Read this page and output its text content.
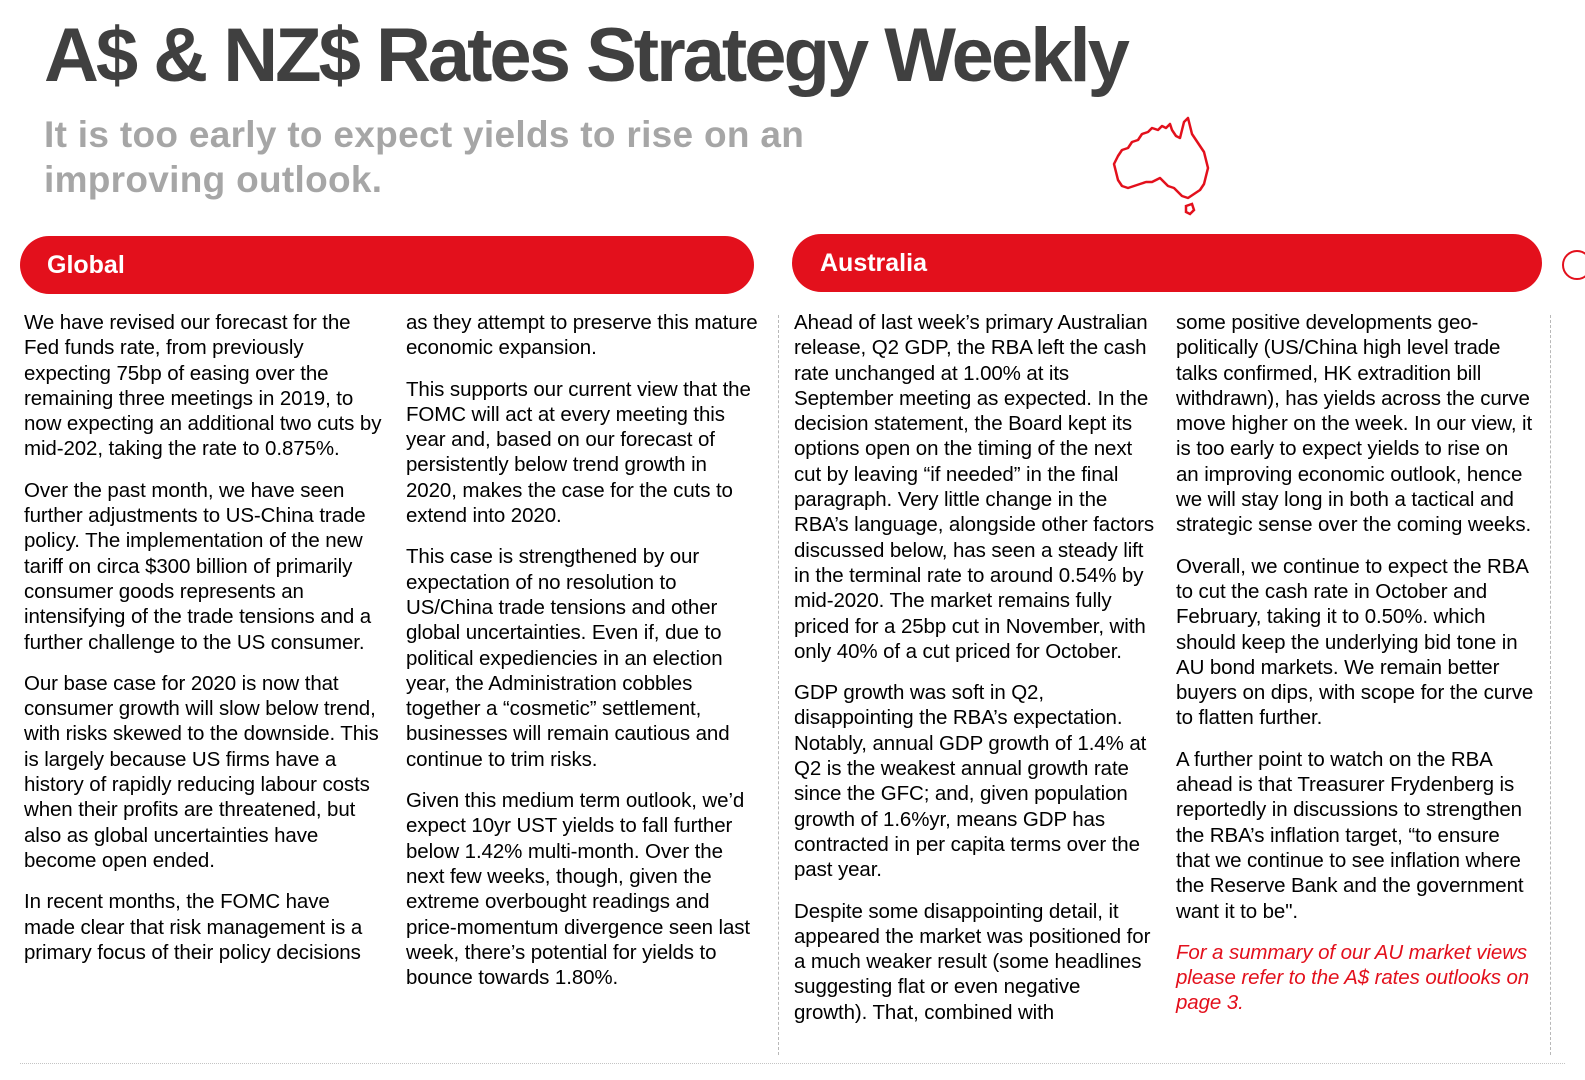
A$ & NZ$ Rates Strategy Weekly
It is too early to expect yields to rise on an improving outlook.
Global	Australia

We have revised our forecast for the Fed funds rate, from previously expecting 75bp of easing over the remaining three meetings in 2019, to now expecting an additional two cuts by mid-202, taking the rate to 0.875%.

Over the past month, we have seen further adjustments to US-China trade policy. The implementation of the new tariff on circa $300 billion of primarily consumer goods represents an intensifying of the trade tensions and a further challenge to the US consumer.

Our base case for 2020 is now that consumer growth will slow below trend, with risks skewed to the downside. This is largely because US firms have a history of rapidly reducing labour costs when their profits are threatened, but also as global uncertainties have become open ended.

In recent months, the FOMC have made clear that risk management is a primary focus of their policy decisions

as they attempt to preserve this mature economic expansion.

This supports our current view that the FOMC will act at every meeting this year and, based on our forecast of persistently below trend growth in 2020, makes the case for the cuts to extend into 2020.

This case is strengthened by our expectation of no resolution to US/China trade tensions and other global uncertainties. Even if, due to political expediencies in an election year, the Administration cobbles together a “cosmetic” settlement, businesses will remain cautious and continue to trim risks.

Given this medium term outlook, we’d expect 10yr UST yields to fall further below 1.42% multi-month. Over the next few weeks, though, given the extreme overbought readings and price-momentum divergence seen last week, there’s potential for yields to bounce towards 1.80%.

Ahead of last week’s primary Australian release, Q2 GDP, the RBA left the cash rate unchanged at 1.00% at its September meeting as expected. In the decision statement, the Board kept its options open on the timing of the next cut by leaving “if needed” in the final paragraph. Very little change in the RBA’s language, alongside other factors discussed below, has seen a steady lift in the terminal rate to around 0.54% by mid-2020. The market remains fully priced for a 25bp cut in November, with only 40% of a cut priced for October.

GDP growth was soft in Q2, disappointing the RBA’s expectation. Notably, annual GDP growth of 1.4% at Q2 is the weakest annual growth rate since the GFC; and, given population growth of 1.6%yr, means GDP has contracted in per capita terms over the past year.

Despite some disappointing detail, it appeared the market was positioned for a much weaker result (some headlines suggesting flat or even negative growth). That, combined with

some positive developments geo-politically (US/China high level trade talks confirmed, HK extradition bill withdrawn), has yields across the curve move higher on the week. In our view, it is too early to expect yields to rise on an improving economic outlook, hence we will stay long in both a tactical and strategic sense over the coming weeks.

Overall, we continue to expect the RBA to cut the cash rate in October and February, taking it to 0.50%. which should keep the underlying bid tone in AU bond markets. We remain better buyers on dips, with scope for the curve to flatten further.

A further point to watch on the RBA ahead is that Treasurer Frydenberg is reportedly in discussions to strengthen the RBA’s inflation target, “to ensure that we continue to see inflation where the Reserve Bank and the government want it to be".

For a summary of our AU market views please refer to the A$ rates outlooks on page 3.
